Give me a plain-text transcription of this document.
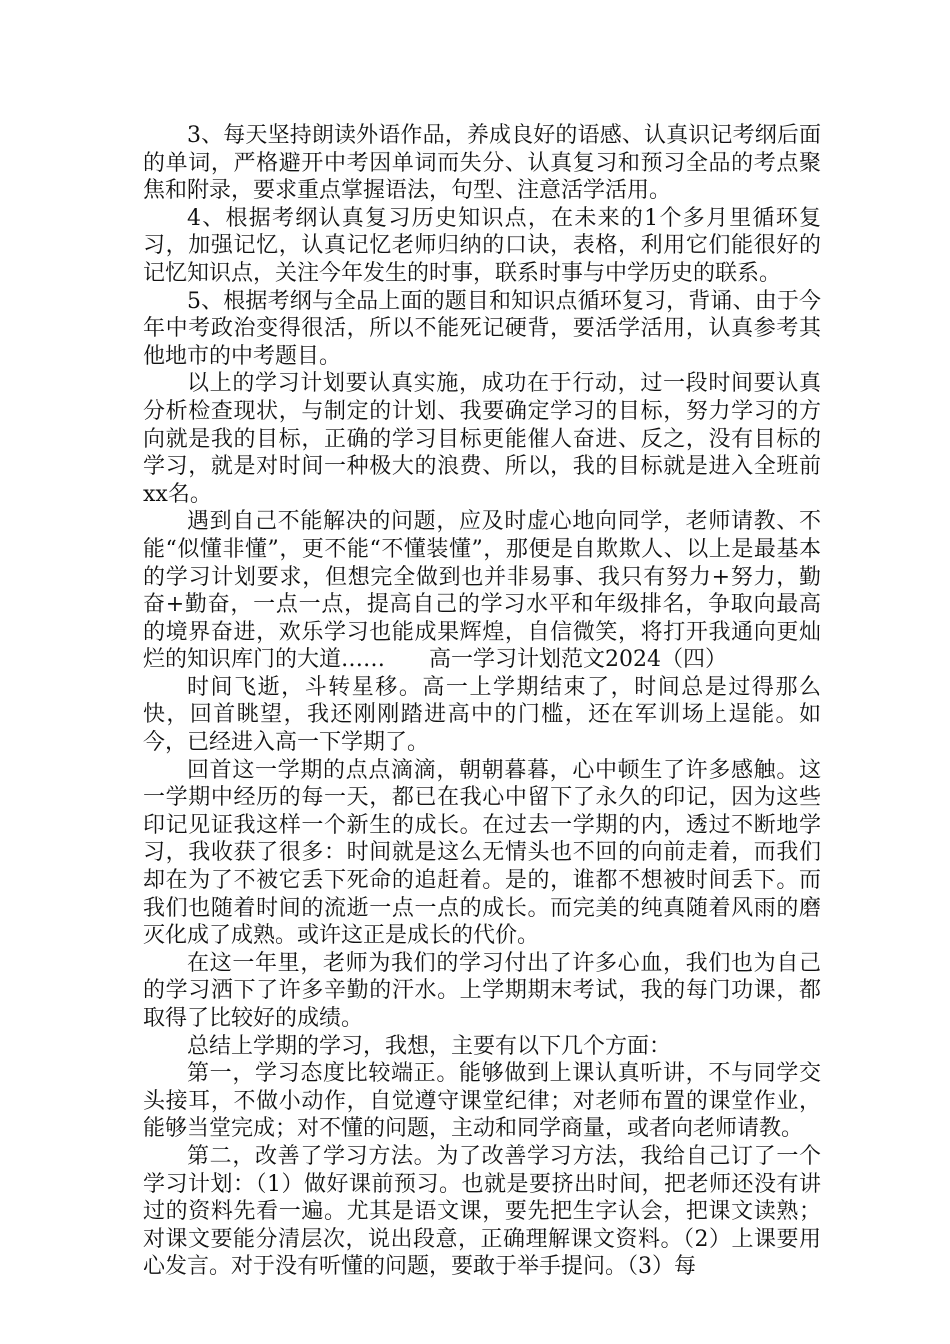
3、每天坚持朗读外语作品，养成良好的语感、认真识记考纲后面的单词，严格避开中考因单词而失分、认真复习和预习全品的考点聚焦和附录，要求重点掌握语法，句型、注意活学活用。

4、根据考纲认真复习历史知识点，在未来的1个多月里循环复习，加强记忆，认真记忆老师归纳的口诀，表格，利用它们能很好的记忆知识点，关注今年发生的时事，联系时事与中学历史的联系。

5、根据考纲与全品上面的题目和知识点循环复习，背诵、由于今年中考政治变得很活，所以不能死记硬背，要活学活用，认真参考其他地市的中考题目。

以上的学习计划要认真实施，成功在于行动，过一段时间要认真分析检查现状，与制定的计划、我要确定学习的目标，努力学习的方向就是我的目标，正确的学习目标更能催人奋进、反之，没有目标的学习，就是对时间一种极大的浪费、所以，我的目标就是进入全班前xx名。

遇到自己不能解决的问题，应及时虚心地向同学，老师请教、不能“似懂非懂”，更不能“不懂装懂”，那便是自欺欺人、以上是最基本的学习计划要求，但想完全做到也并非易事、我只有努力+努力，勤奋+勤奋，一点一点，提高自己的学习水平和年级排名，争取向最高的境界奋进，欢乐学习也能成果辉煌，自信微笑，将打开我通向更灿烂的知识库门的大道……　　高一学习计划范文2024（四）

时间飞逝，斗转星移。高一上学期结束了，时间总是过得那么快，回首眺望，我还刚刚踏进高中的门槛，还在军训场上逞能。如今，已经进入高一下学期了。

回首这一学期的点点滴滴，朝朝暮暮，心中顿生了许多感触。这一学期中经历的每一天，都已在我心中留下了永久的印记，因为这些印记见证我这样一个新生的成长。在过去一学期的内，透过不断地学习，我收获了很多：时间就是这么无情头也不回的向前走着，而我们却在为了不被它丢下死命的追赶着。是的，谁都不想被时间丢下。而我们也随着时间的流逝一点一点的成长。而完美的纯真随着风雨的磨灭化成了成熟。或许这正是成长的代价。

在这一年里，老师为我们的学习付出了许多心血，我们也为自己的学习洒下了许多辛勤的汗水。上学期期末考试，我的每门功课，都取得了比较好的成绩。

总结上学期的学习，我想，主要有以下几个方面：

第一，学习态度比较端正。能够做到上课认真听讲，不与同学交头接耳，不做小动作，自觉遵守课堂纪律；对老师布置的课堂作业，能够当堂完成；对不懂的问题，主动和同学商量，或者向老师请教。

第二，改善了学习方法。为了改善学习方法，我给自己订了一个学习计划：（1）做好课前预习。也就是要挤出时间，把老师还没有讲过的资料先看一遍。尤其是语文课，要先把生字认会，把课文读熟；对课文要能分清层次，说出段意，正确理解课文资料。（2）上课要用心发言。对于没有听懂的问题，要敢于举手提问。（3）每
